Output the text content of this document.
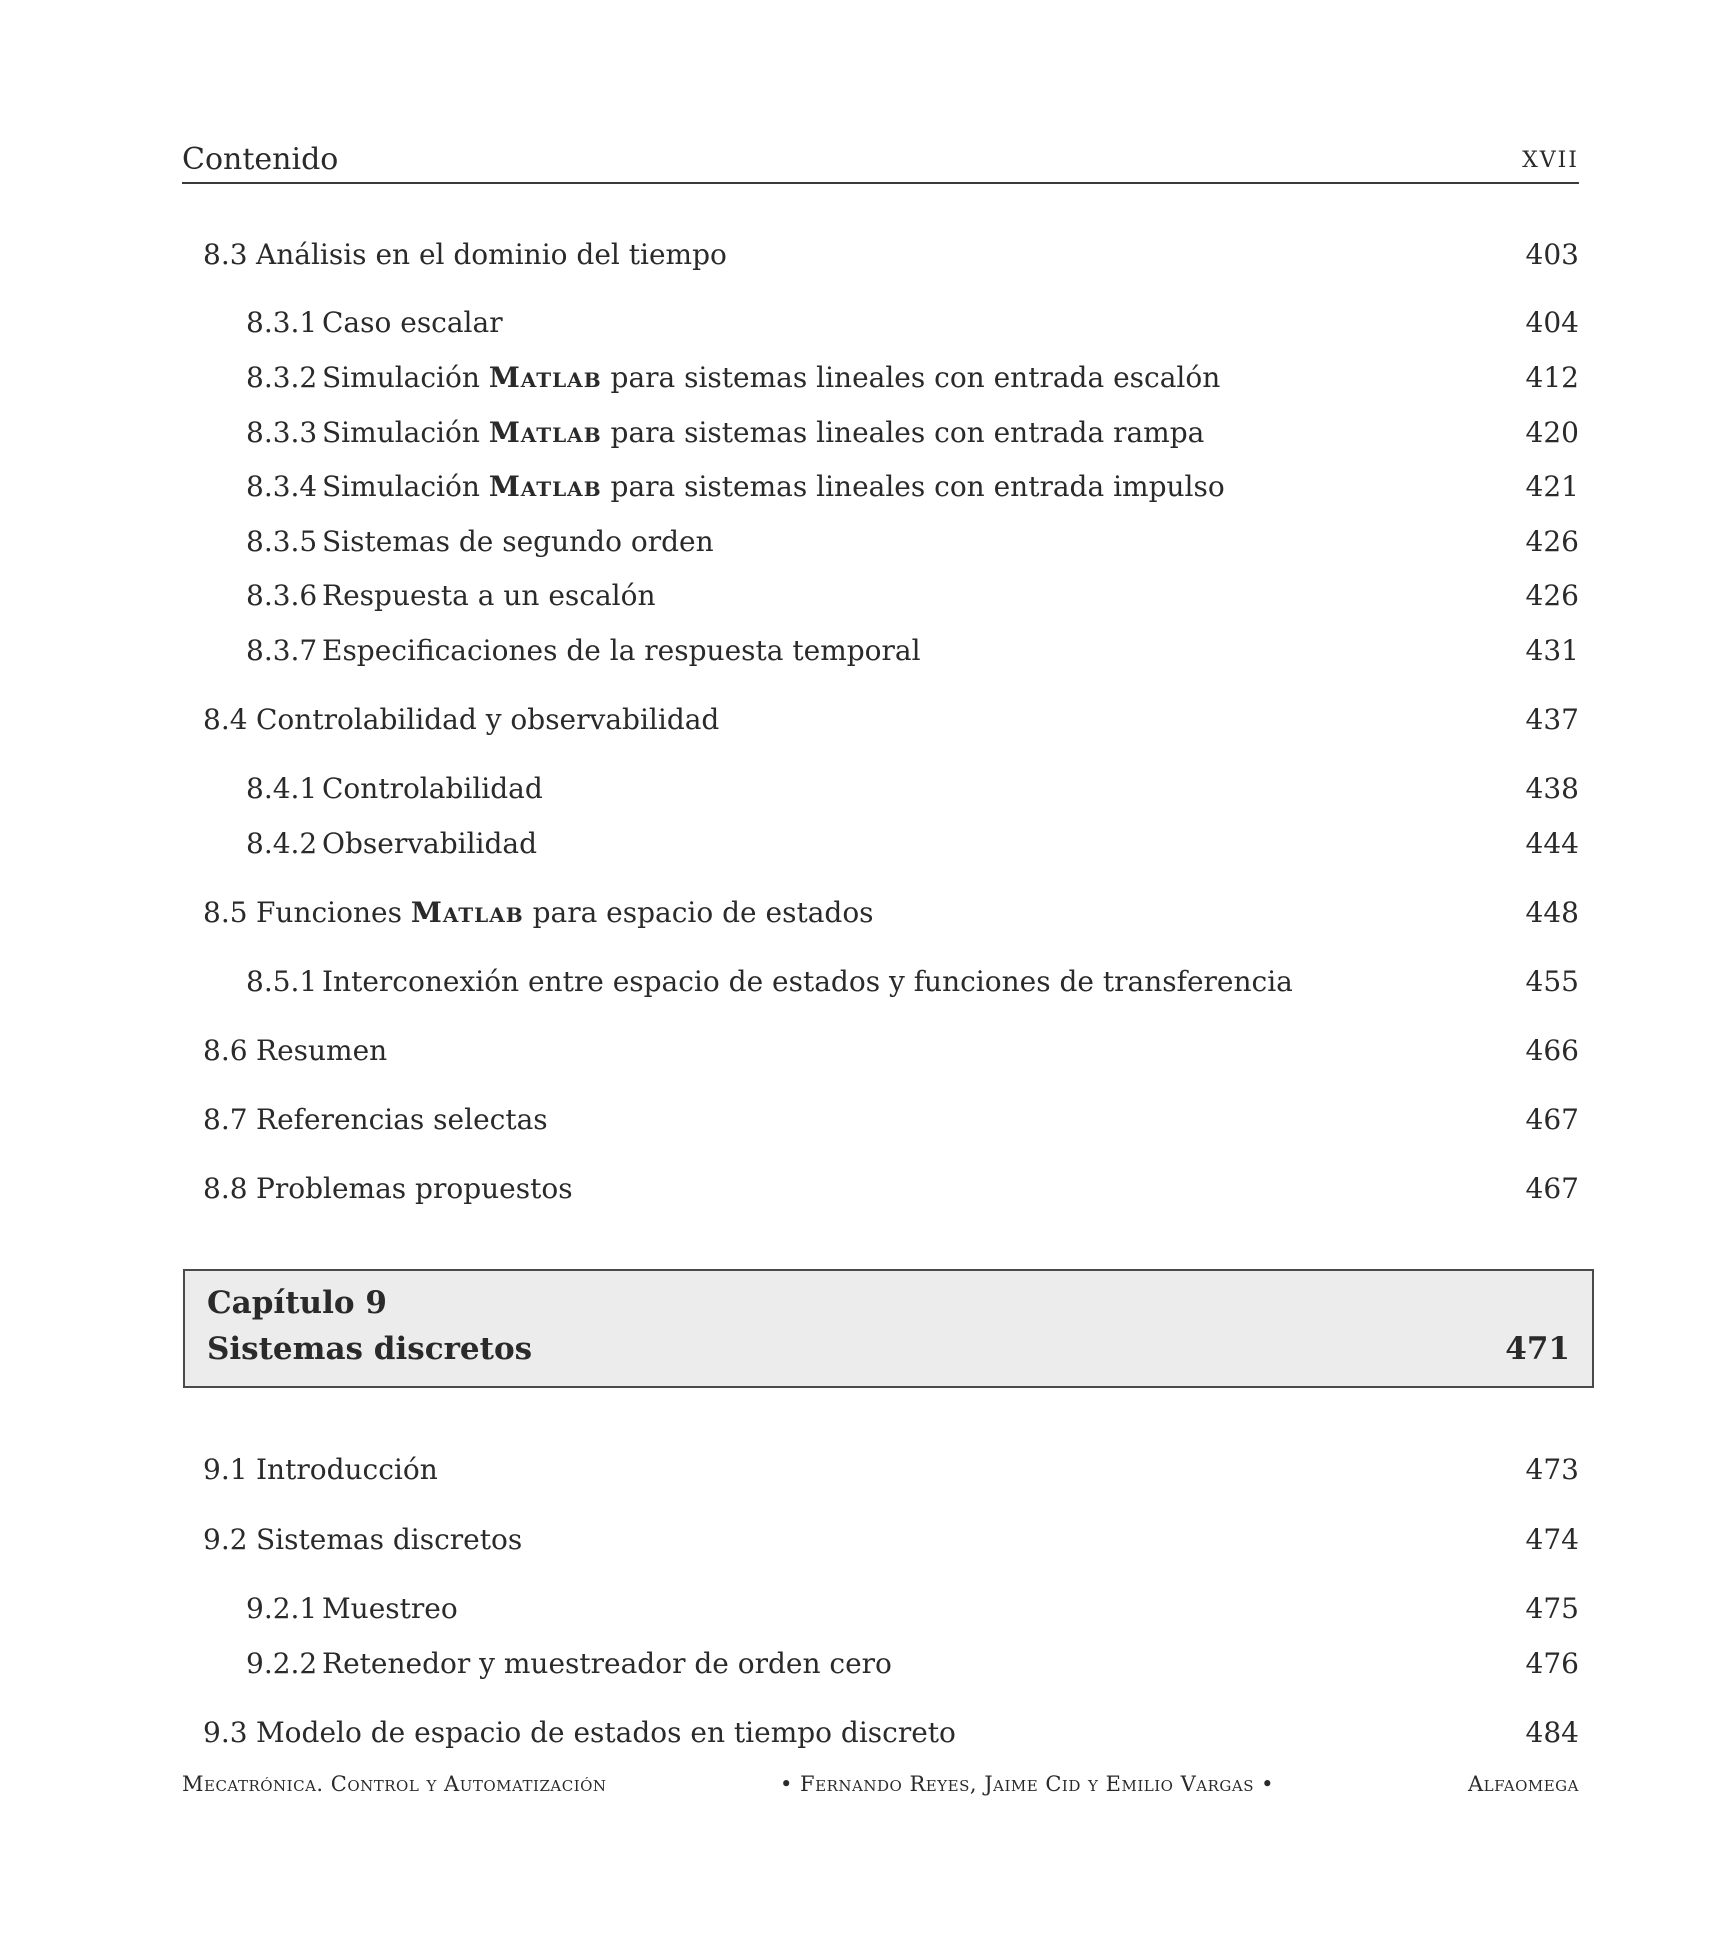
Contenido	XVII
8.3 Análisis en el dominio del tiempo	403
8.3.1 Caso escalar	404
8.3.2 Simulación Matlab para sistemas lineales con entrada escalón	412
8.3.3 Simulación Matlab para sistemas lineales con entrada rampa	420
8.3.4 Simulación Matlab para sistemas lineales con entrada impulso	421
8.3.5 Sistemas de segundo orden	426
8.3.6 Respuesta a un escalón	426
8.3.7 Especificaciones de la respuesta temporal	431
8.4 Controlabilidad y observabilidad	437
8.4.1 Controlabilidad	438
8.4.2 Observabilidad	444
8.5 Funciones Matlab para espacio de estados	448
8.5.1 Interconexión entre espacio de estados y funciones de transferencia	455
8.6 Resumen	466
8.7 Referencias selectas	467
8.8 Problemas propuestos	467
Capítulo 9
Sistemas discretos	471
9.1 Introducción	473
9.2 Sistemas discretos	474
9.2.1 Muestreo	475
9.2.2 Retenedor y muestreador de orden cero	476
9.3 Modelo de espacio de estados en tiempo discreto	484
Mecatrónica. Control y Automatización	• Fernando Reyes, Jaime Cid y Emilio Vargas •	Alfaomega
